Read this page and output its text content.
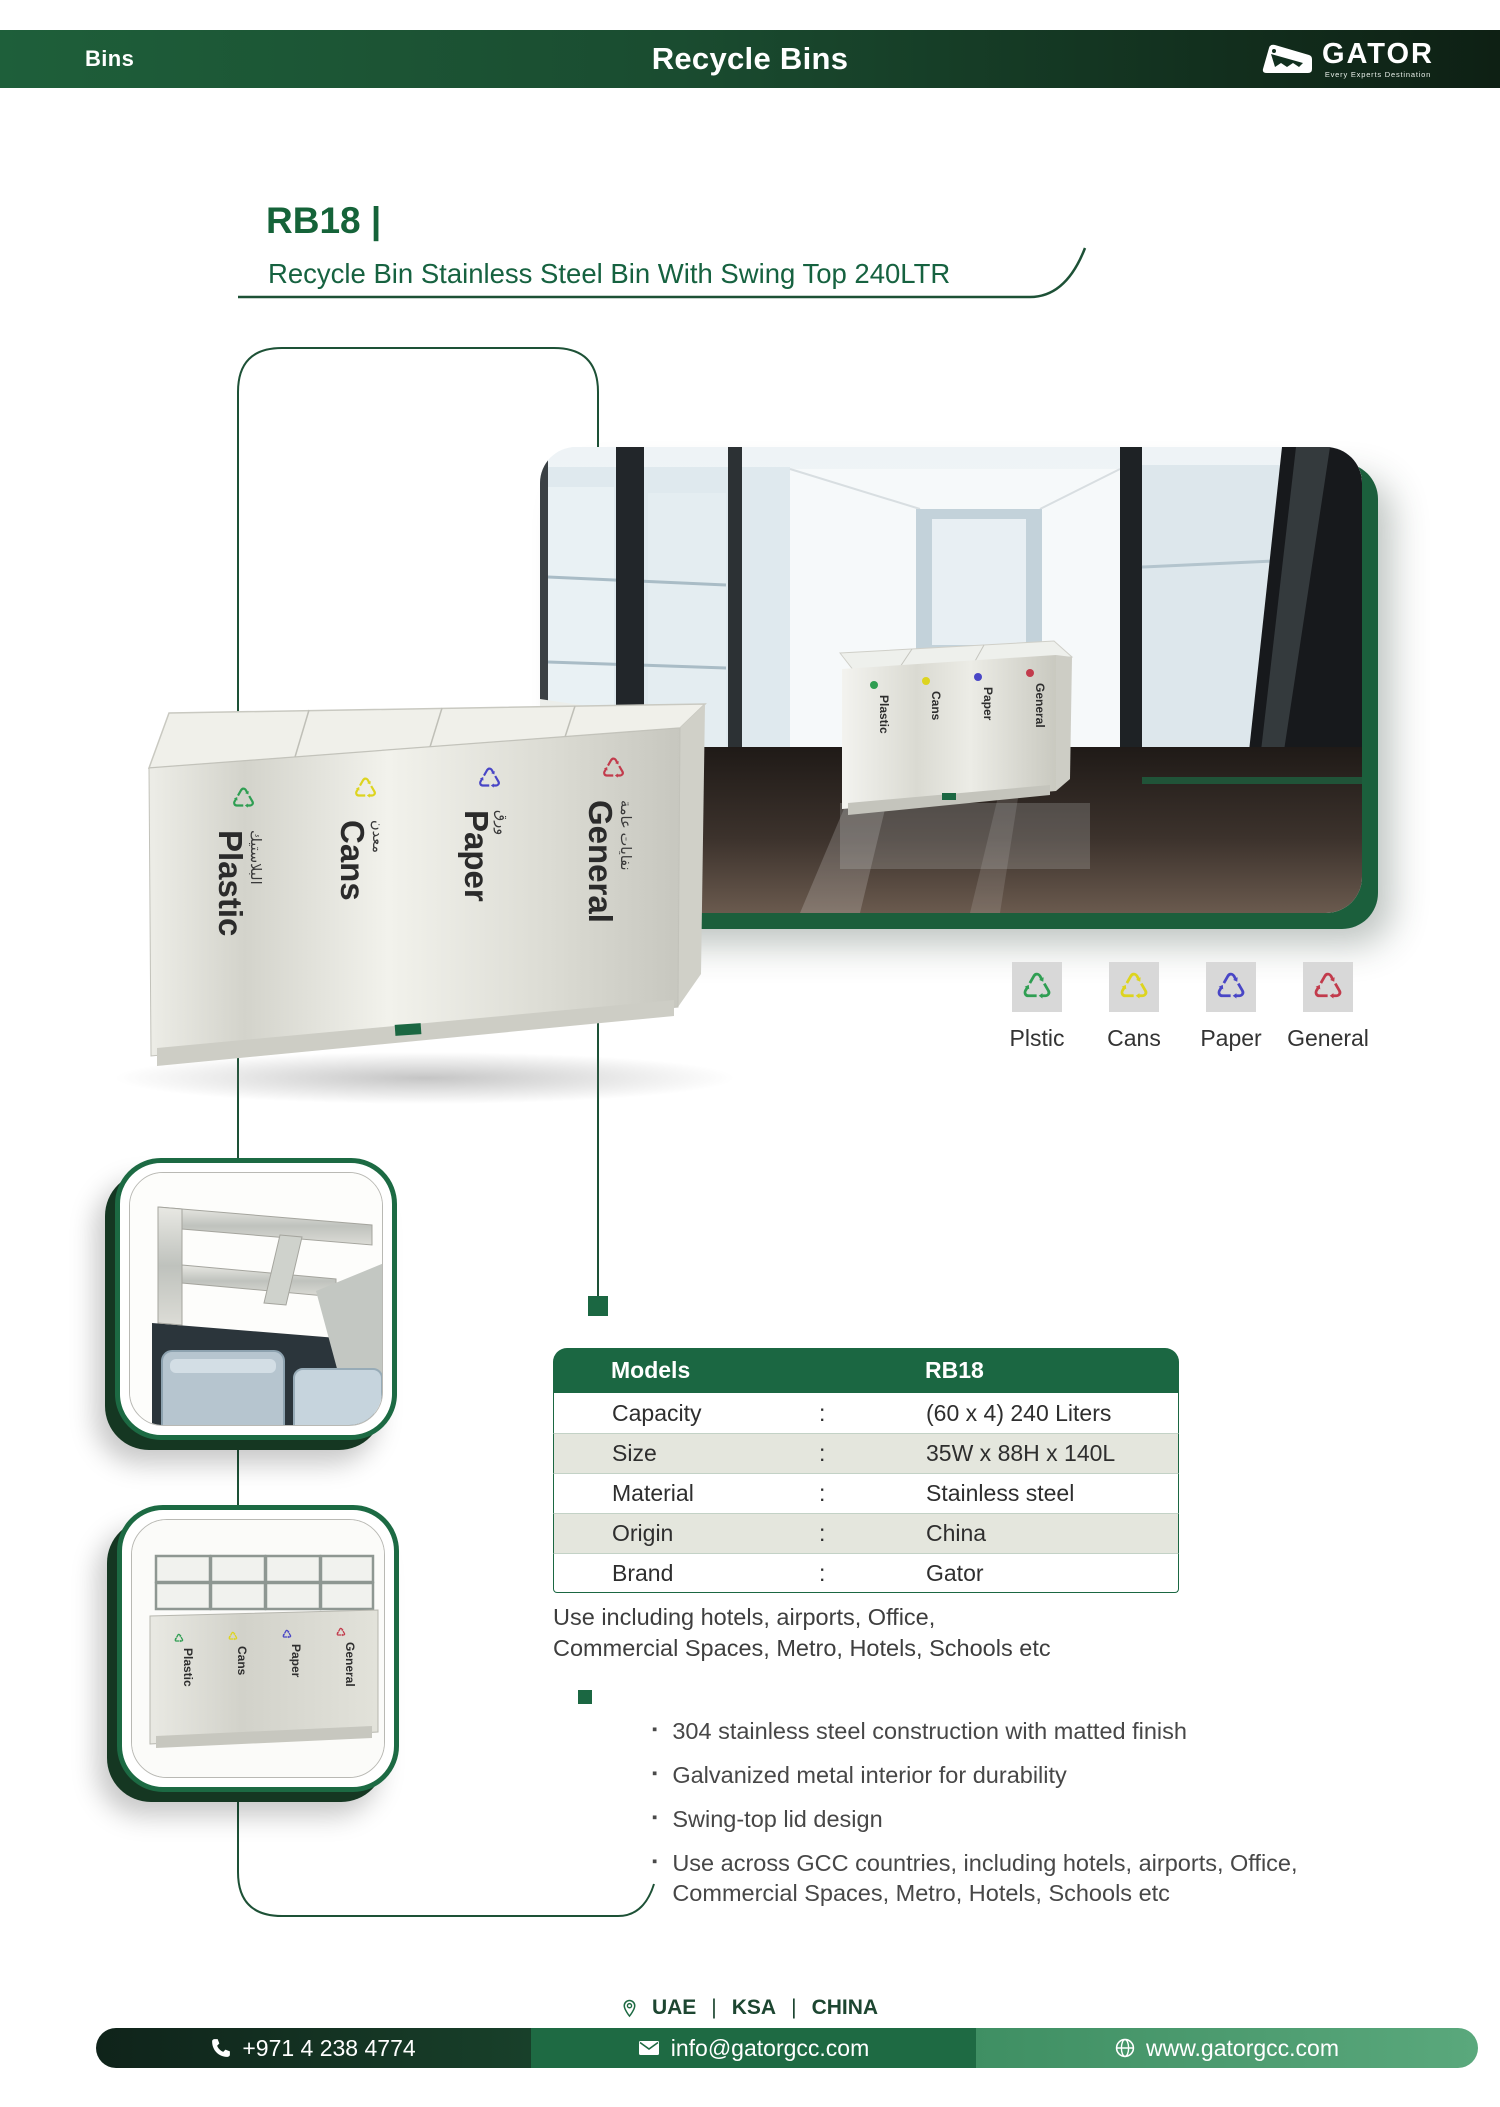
Bins	Recycle Bins	GATOR
Every Experts Destination
RB18 |
Recycle Bin Stainless Steel Bin With Swing Top 240LTR
Plastic	Cans	Paper	General
♺
البلاستيك
Plastic
♺
معدن
Cans
♺
ورق
Paper
♺
نفايات عامة
General
♺
Plstic
♺
Cans
♺
Paper
♺
General
♺
Plastic
♺
Cans
♺
Paper
♺
General
Models	RB18
Capacity	:	(60 x 4) 240 Liters
Size	:	35W x 88H x 140L
Material	:	Stainless steel
Origin	:	China
Brand	:	Gator
Use including hotels, airports, Office,
Commercial Spaces, Metro, Hotels, Schools etc
▪ 304 stainless steel construction with matted finish
▪ Galvanized metal interior for durability
▪ Swing-top lid design
▪ Use across GCC countries, including hotels, airports, Office, Commercial Spaces, Metro, Hotels, Schools etc
UAE | KSA | CHINA
+971 4 238 4774	info@gatorgcc.com	www.gatorgcc.com
